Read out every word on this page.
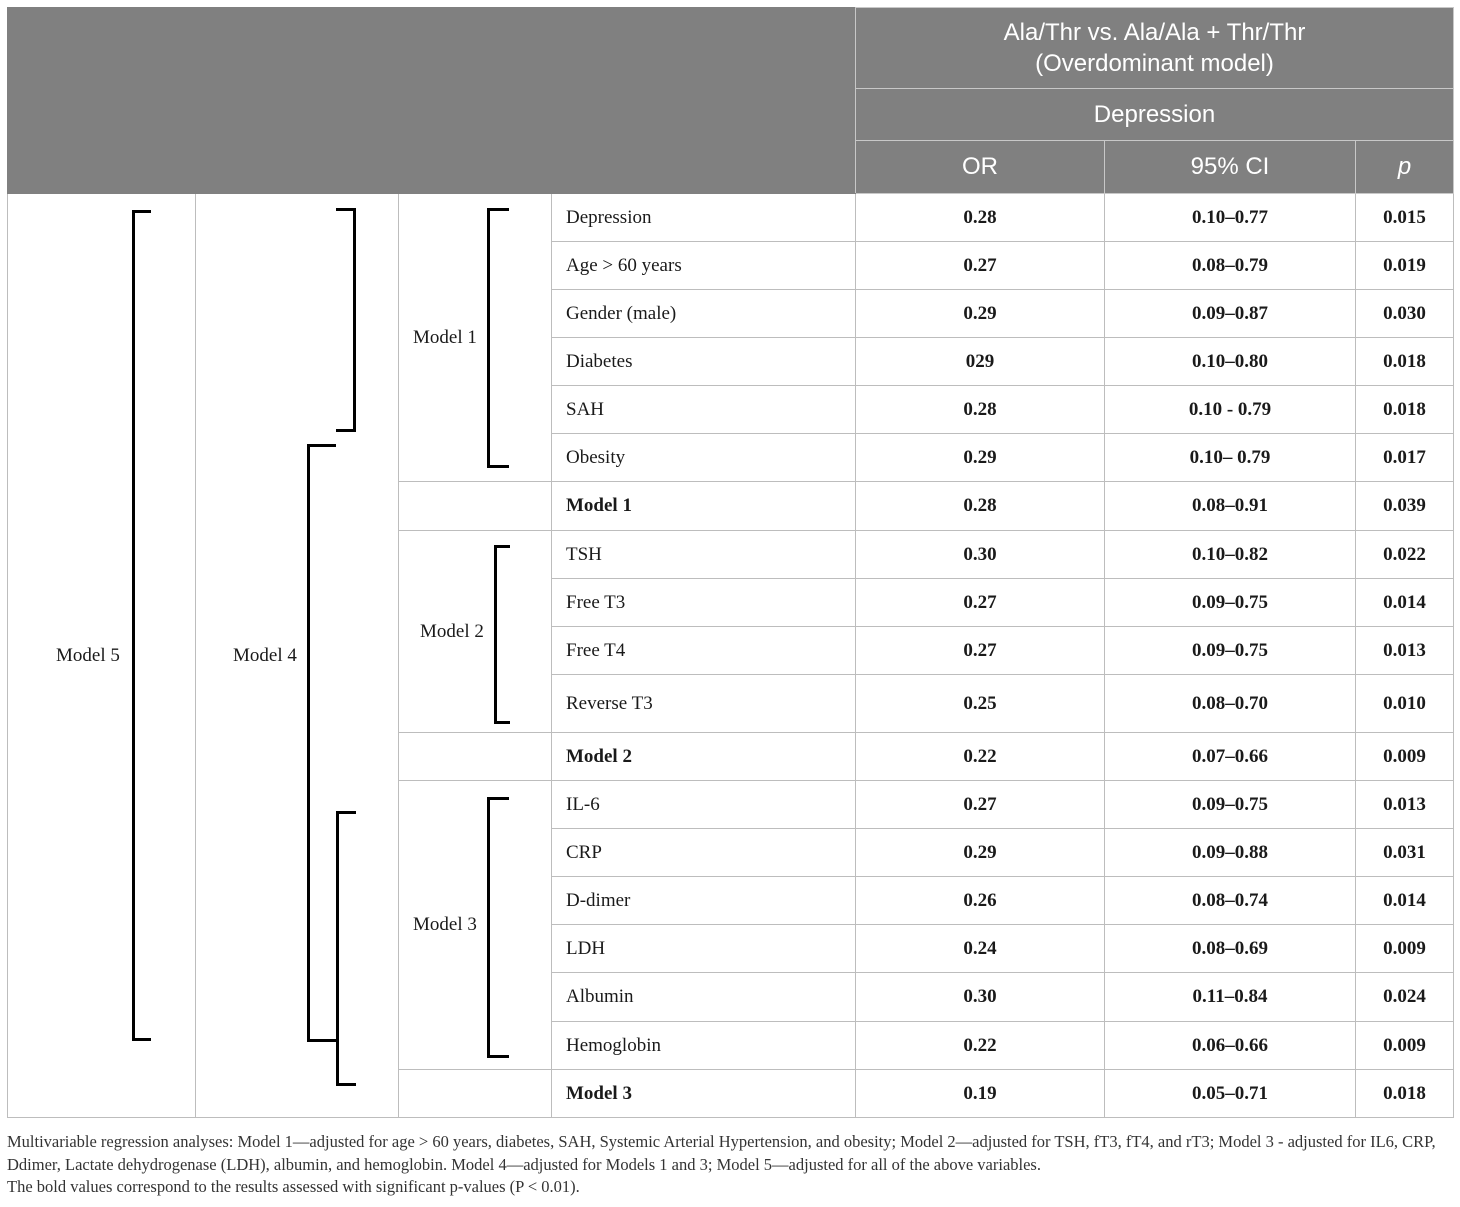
				Ala/Thr vs. Ala/Ala + Thr/Thr
(Overdominant model)		
				Depression		
				OR	95% CI	p
Model 5	Model 4	Model 1	Depression	0.28	0.10–0.77	0.015
			Age > 60 years	0.27	0.08–0.79	0.019
			Gender (male)	0.29	0.09–0.87	0.030
			Diabetes	029	0.10–0.80	0.018
			SAH	0.28	0.10 - 0.79	0.018
			Obesity	0.29	0.10– 0.79	0.017
			Model 1	0.28	0.08–0.91	0.039
		Model 2	TSH	0.30	0.10–0.82	0.022
			Free T3	0.27	0.09–0.75	0.014
			Free T4	0.27	0.09–0.75	0.013
			Reverse T3	0.25	0.08–0.70	0.010
			Model 2	0.22	0.07–0.66	0.009
		Model 3	IL-6	0.27	0.09–0.75	0.013
			CRP	0.29	0.09–0.88	0.031
			D-dimer	0.26	0.08–0.74	0.014
			LDH	0.24	0.08–0.69	0.009
			Albumin	0.30	0.11–0.84	0.024
			Hemoglobin	0.22	0.06–0.66	0.009
			Model 3	0.19	0.05–0.71	0.018

Multivariable regression analyses: Model 1—adjusted for age > 60 years, diabetes, SAH, Systemic Arterial Hypertension, and obesity; Model 2—adjusted for TSH, fT3, fT4, and rT3; Model 3 - adjusted for IL6, CRP, Ddimer, Lactate dehydrogenase (LDH), albumin, and hemoglobin. Model 4—adjusted for Models 1 and 3; Model 5—adjusted for all of the above variables.

The bold values correspond to the results assessed with significant p-values (P < 0.01).
